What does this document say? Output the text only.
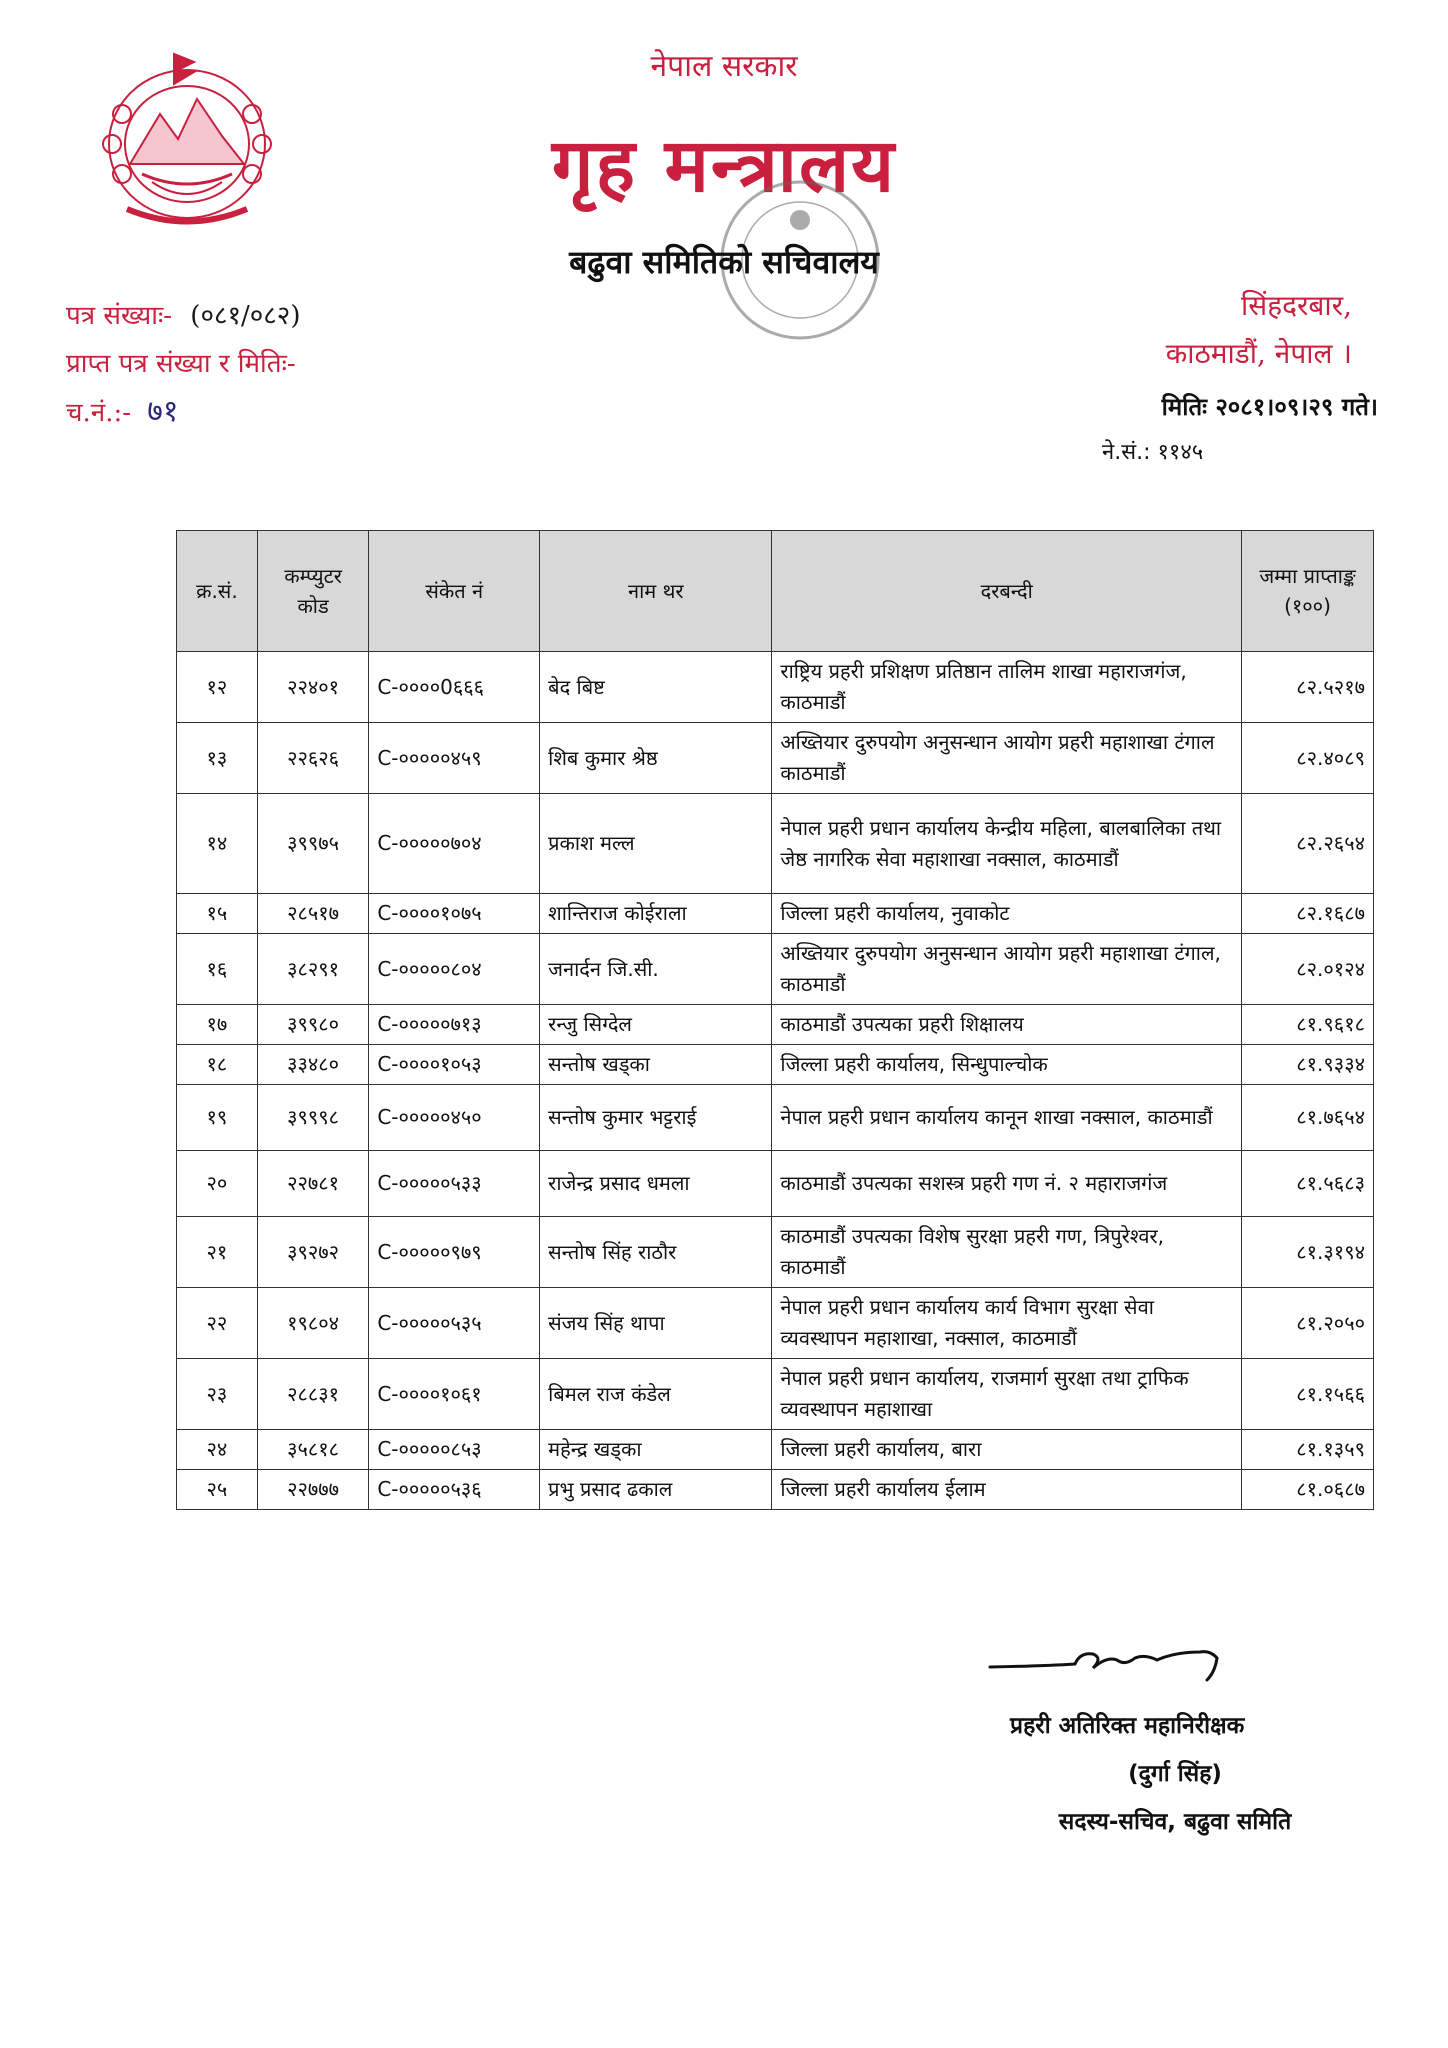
नेपाल सरकार
गृह मन्त्रालय
बढुवा समितिको सचिवालय
पत्र संख्याः- (०८१/०८२)
प्राप्त पत्र संख्या र मितिः-
च.नं.:- ७१
सिंहदरबार,
काठमाडौं, नेपाल ।
मितिः २०८१।०९।२९ गते।
ने.सं.: ११४५
क्र.सं.	कम्प्युटर कोड	संकेत नं	नाम थर	दरबन्दी	जम्मा प्राप्ताङ्क (१००)
१२	२२४०१	C-००००0६६६	बेद बिष्ट	राष्ट्रिय प्रहरी प्रशिक्षण प्रतिष्ठान तालिम शाखा महाराजगंज, काठमाडौं	८२.५२१७
१३	२२६२६	C-०००००४५९	शिब कुमार श्रेष्ठ	अख्तियार दुरुपयोग अनुसन्धान आयोग प्रहरी महाशाखा टंगाल काठमाडौं	८२.४०८९
१४	३९९७५	C-०००००७०४	प्रकाश मल्ल	नेपाल प्रहरी प्रधान कार्यालय केन्द्रीय महिला, बालबालिका तथा जेष्ठ नागरिक सेवा महाशाखा नक्साल, काठमाडौं	८२.२६५४
१५	२८५१७	C-००००१०७५	शान्तिराज कोईराला	जिल्ला प्रहरी कार्यालय, नुवाकोट	८२.१६८७
१६	३८२९१	C-०००००८०४	जनार्दन जि.सी.	अख्तियार दुरुपयोग अनुसन्धान आयोग प्रहरी महाशाखा टंगाल, काठमाडौं	८२.०१२४
१७	३९९८०	C-०००००७१३	रन्जु सिग्देल	काठमाडौं उपत्यका प्रहरी शिक्षालय	८१.९६१८
१८	३३४८०	C-००००१०५३	सन्तोष खड्का	जिल्ला प्रहरी कार्यालय, सिन्धुपाल्चोक	८१.९३३४
१९	३९९९८	C-०००००४५०	सन्तोष कुमार भट्टराई	नेपाल प्रहरी प्रधान कार्यालय कानून शाखा नक्साल, काठमाडौं	८१.७६५४
२०	२२७८१	C-०००००५३३	राजेन्द्र प्रसाद धमला	काठमाडौं उपत्यका सशस्त्र प्रहरी गण नं. २ महाराजगंज	८१.५६८३
२१	३९२७२	C-०००००९७९	सन्तोष सिंह राठौर	काठमाडौं उपत्यका विशेष सुरक्षा प्रहरी गण, त्रिपुरेश्वर, काठमाडौं	८१.३१९४
२२	१९८०४	C-०००००५३५	संजय सिंह थापा	नेपाल प्रहरी प्रधान कार्यालय कार्य विभाग सुरक्षा सेवा व्यवस्थापन महाशाखा, नक्साल, काठमाडौं	८१.२०५०
२३	२८८३१	C-००००१०६१	बिमल राज कंडेल	नेपाल प्रहरी प्रधान कार्यालय, राजमार्ग सुरक्षा तथा ट्राफिक व्यवस्थापन महाशाखा	८१.१५६६
२४	३५८१८	C-०००००८५३	महेन्द्र खड्का	जिल्ला प्रहरी कार्यालय, बारा	८१.१३५९
२५	२२७७७	C-०००००५३६	प्रभु प्रसाद ढकाल	जिल्ला प्रहरी कार्यालय ईलाम	८१.०६८७
प्रहरी अतिरिक्त महानिरीक्षक
(दुर्गा सिंह)
सदस्य-सचिव, बढुवा समिति
